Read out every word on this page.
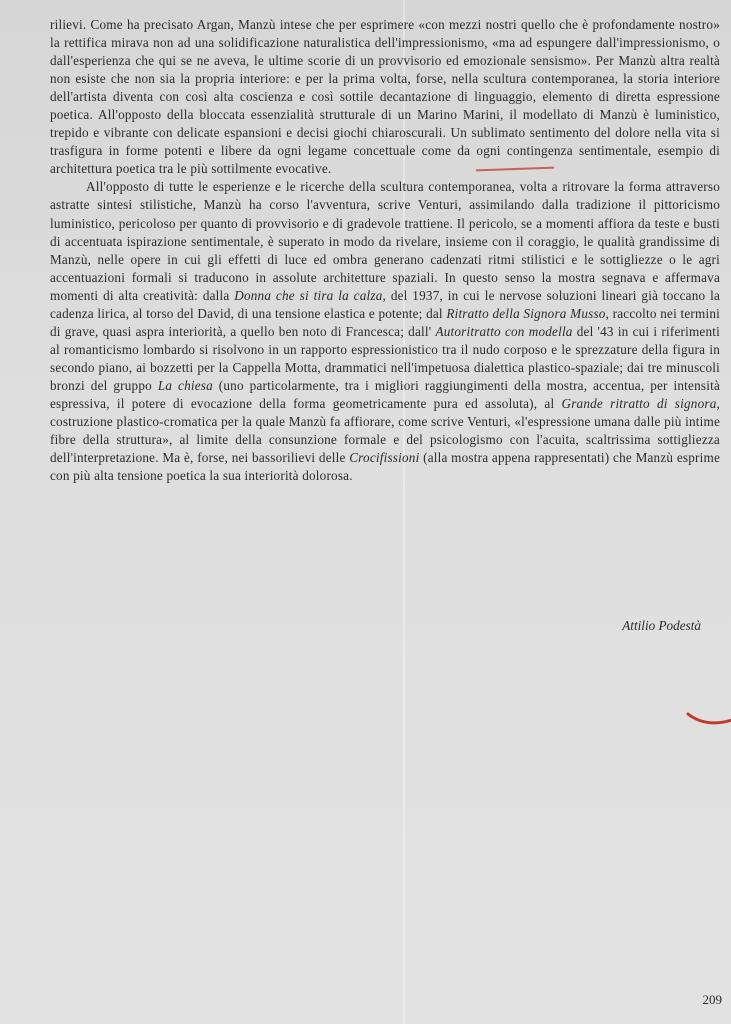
rilievi. Come ha precisato Argan, Manzù intese che per esprimere «con mezzi nostri quello che è profondamente nostro» la rettifica mirava non ad una solidificazione naturalistica dell'impressionismo, «ma ad espungere dall'impressionismo, o dall'esperienza che qui se ne aveva, le ultime scorie di un provvisorio ed emozionale sensismo». Per Manzù altra realtà non esiste che non sia la propria interiore: e per la prima volta, forse, nella scultura contemporanea, la storia interiore dell'artista diventa con così alta coscienza e così sottile decantazione di linguaggio, elemento di diretta espressione poetica. All'opposto della bloccata essenzialità strutturale di un Marino Marini, il modellato di Manzù è luministico, trepido e vibrante con delicate espansioni e decisi giochi chiaroscurali. Un sublimato sentimento del dolore nella vita si trasfigura in forme potenti e libere da ogni legame concettuale come da ogni contingenza sentimentale, esempio di architettura poetica tra le più sottilmente evocative.

All'opposto di tutte le esperienze e le ricerche della scultura contemporanea, volta a ritrovare la forma attraverso astratte sintesi stilistiche, Manzù ha corso l'avventura, scrive Venturi, assimilando dalla tradizione il pittoricismo luministico, pericoloso per quanto di provvisorio e di gradevole trattiene. Il pericolo, se a momenti affiora da teste e busti di accentuata ispirazione sentimentale, è superato in modo da rivelare, insieme con il coraggio, le qualità grandissime di Manzù, nelle opere in cui gli effetti di luce ed ombra generano cadenzati ritmi stilistici e le sottigliezze o le agri accentuazioni formali si traducono in assolute architetture spaziali. In questo senso la mostra segnava e affermava momenti di alta creatività: dalla Donna che si tira la calza, del 1937, in cui le nervose soluzioni lineari già toccano la cadenza lirica, al torso del David, di una tensione elastica e potente; dal Ritratto della Signora Musso, raccolto nei termini di grave, quasi aspra interiorità, a quello ben noto di Francesca; dall' Autoritratto con modella del '43 in cui i riferimenti al romanticismo lombardo si risolvono in un rapporto espressionistico tra il nudo corposo e le sprezzature della figura in secondo piano, ai bozzetti per la Cappella Motta, drammatici nell'impetuosa dialettica plastico-spaziale; dai tre minuscoli bronzi del gruppo La chiesa (uno particolarmente, tra i migliori raggiungimenti della mostra, accentua, per intensità espressiva, il potere di evocazione della forma geometricamente pura ed assoluta), al Grande ritratto di signora, costruzione plastico-cromatica per la quale Manzù fa affiorare, come scrive Venturi, «l'espressione umana dalle più intime fibre della struttura», al limite della consunzione formale e del psicologismo con l'acuita, scaltrissima sottigliezza dell'interpretazione. Ma è, forse, nei bassorilievi delle Crocifissioni (alla mostra appena rappresentati) che Manzù esprime con più alta tensione poetica la sua interiorità dolorosa.

Attilio Podestà
209
